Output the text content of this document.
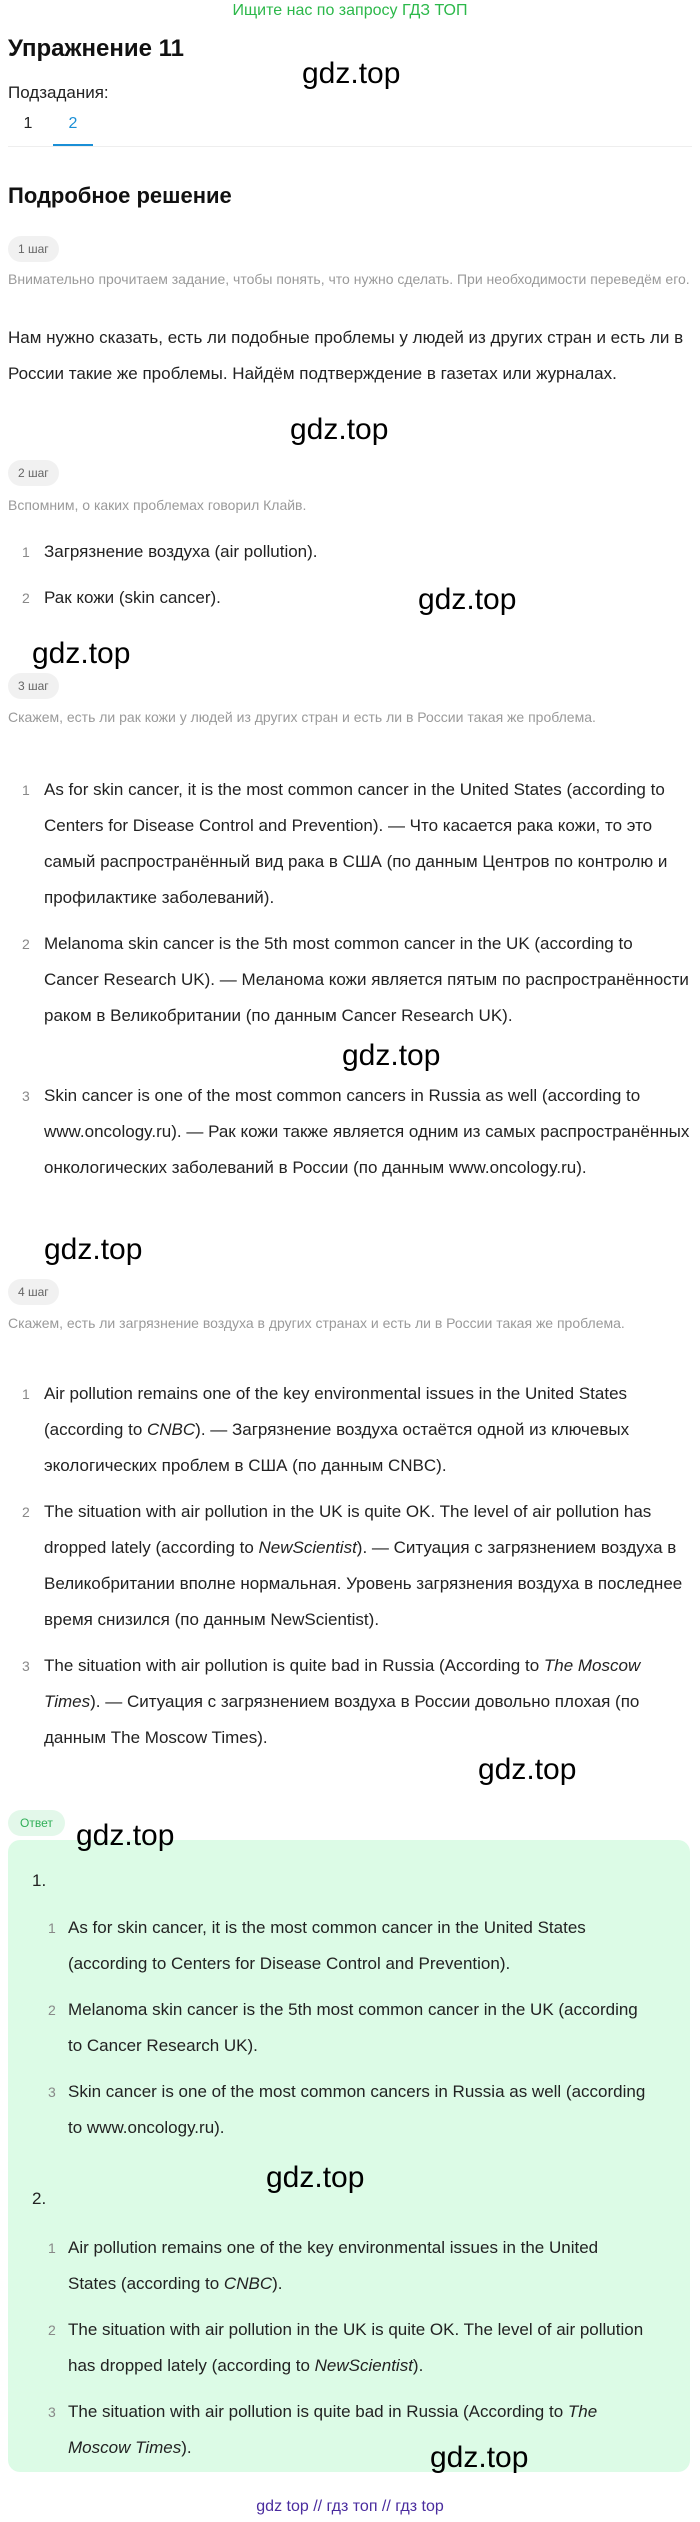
Ищите нас по запросу ГДЗ ТОП
Упражнение 11
Подзадания:
1	2
Подробное решение
1 шаг
Внимательно прочитаем задание, чтобы понять, что нужно сделать. При необходимости переведём его.
Нам нужно сказать, есть ли подобные проблемы у людей из других стран и есть ли в России такие же проблемы. Найдём подтверждение в газетах или журналах.
2 шаг
Вспомним, о каких проблемах говорил Клайв.
1 Загрязнение воздуха (air pollution).
2 Рак кожи (skin cancer).
3 шаг
Скажем, есть ли рак кожи у людей из других стран и есть ли в России такая же проблема.
1 As for skin cancer, it is the most common cancer in the United States (according to Centers for Disease Control and Prevention). — Что касается рака кожи, то это самый распространённый вид рака в США (по данным Центров по контролю и профилактике заболеваний).
2 Melanoma skin cancer is the 5th most common cancer in the UK (according to Cancer Research UK). — Меланома кожи является пятым по распространённости раком в Великобритании (по данным Cancer Research UK).
3 Skin cancer is one of the most common cancers in Russia as well (according to www.oncology.ru). — Рак кожи также является одним из самых распространённых онкологических заболеваний в России (по данным www.oncology.ru).
4 шаг
Скажем, есть ли загрязнение воздуха в других странах и есть ли в России такая же проблема.
1 Air pollution remains one of the key environmental issues in the United States (according to CNBC). — Загрязнение воздуха остаётся одной из ключевых экологических проблем в США (по данным CNBC).
2 The situation with air pollution in the UK is quite OK. The level of air pollution has dropped lately (according to NewScientist). — Ситуация с загрязнением воздуха в Великобритании вполне нормальная. Уровень загрязнения воздуха в последнее время снизился (по данным NewScientist).
3 The situation with air pollution is quite bad in Russia (According to The Moscow Times). — Ситуация с загрязнением воздуха в России довольно плохая (по данным The Moscow Times).
Ответ
1.
1 As for skin cancer, it is the most common cancer in the United States (according to Centers for Disease Control and Prevention).
2 Melanoma skin cancer is the 5th most common cancer in the UK (according to Cancer Research UK).
3 Skin cancer is one of the most common cancers in Russia as well (according to www.oncology.ru).
2.
1 Air pollution remains one of the key environmental issues in the United States (according to CNBC).
2 The situation with air pollution in the UK is quite OK. The level of air pollution has dropped lately (according to NewScientist).
3 The situation with air pollution is quite bad in Russia (According to The Moscow Times).
gdz.top
gdz.top
gdz.top
gdz.top
gdz.top
gdz.top
gdz.top
gdz.top
gdz.top
gdz.top
gdz top // гдз топ // гдз top
